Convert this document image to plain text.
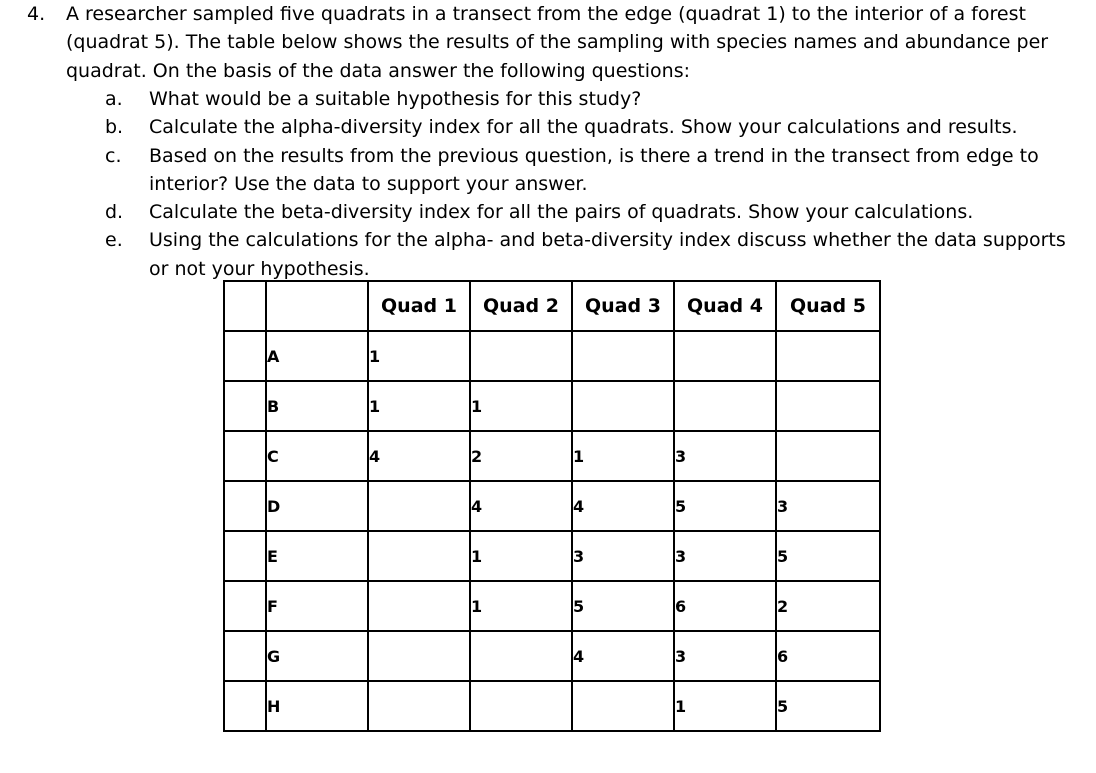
4. A researcher sampled five quadrats in a transect from the edge (quadrat 1) to the interior of a forest (quadrat 5). The table below shows the results of the sampling with species names and abundance per quadrat. On the basis of the data answer the following questions:
a. What would be a suitable hypothesis for this study?
b. Calculate the alpha-diversity index for all the quadrats. Show your calculations and results.
c. Based on the results from the previous question, is there a trend in the transect from edge to interior? Use the data to support your answer.
d. Calculate the beta-diversity index for all the pairs of quadrats. Show your calculations.
e. Using the calculations for the alpha- and beta-diversity index discuss whether the data supports or not your hypothesis.
		Quad 1	Quad 2	Quad 3	Quad 4	Quad 5
	A	1				
	B	1	1			
	C	4	2	1	3	
	D		4	4	5	3
	E		1	3	3	5
	F		1	5	6	2
	G			4	3	6
	H				1	5
